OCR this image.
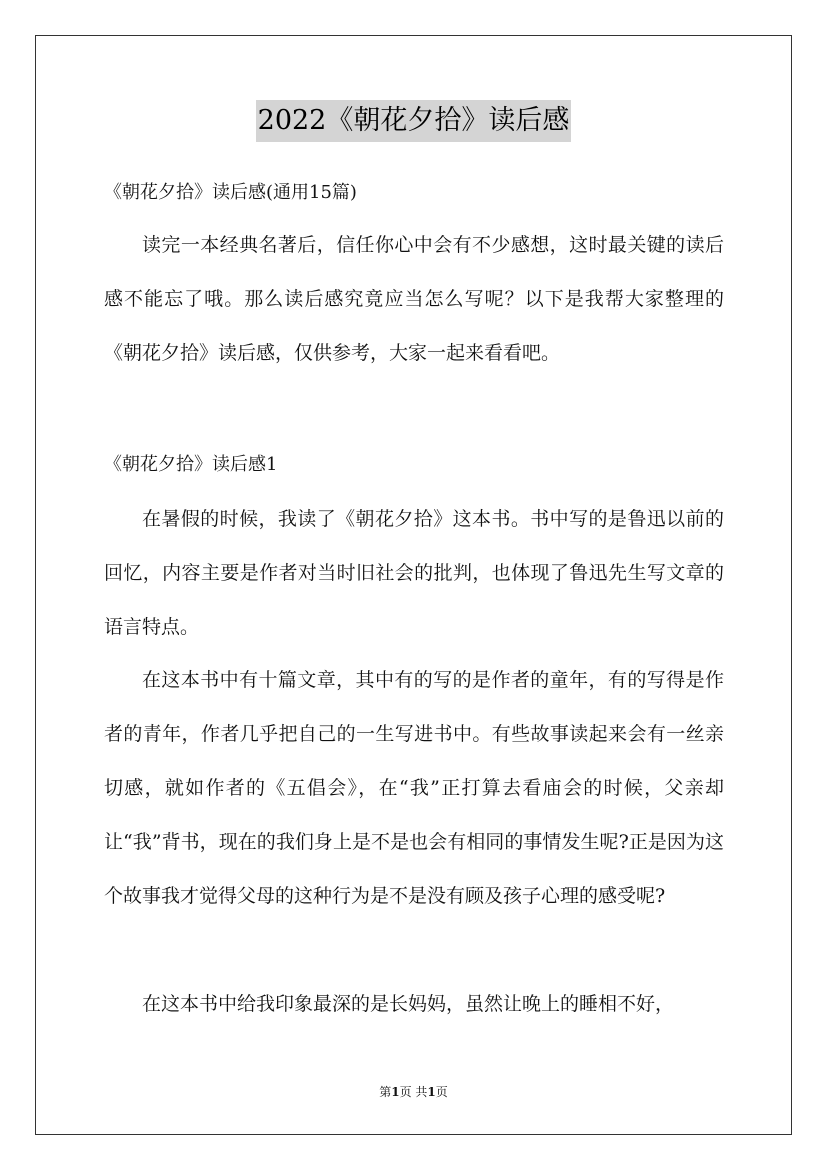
2022《朝花夕拾》读后感
《朝花夕拾》读后感(通用15篇)

读完一本经典名著后，信任你心中会有不少感想，这时最关键的读后感不能忘了哦。那么读后感究竟应当怎么写呢？以下是我帮大家整理的《朝花夕拾》读后感，仅供参考，大家一起来看看吧。

《朝花夕拾》读后感1

在暑假的时候，我读了《朝花夕拾》这本书。书中写的是鲁迅以前的回忆，内容主要是作者对当时旧社会的批判，也体现了鲁迅先生写文章的语言特点。

在这本书中有十篇文章，其中有的写的是作者的童年，有的写得是作者的青年，作者几乎把自己的一生写进书中。有些故事读起来会有一丝亲切感，就如作者的《五倡会》，在“我”正打算去看庙会的时候，父亲却让“我”背书，现在的我们身上是不是也会有相同的事情发生呢?正是因为这个故事我才觉得父母的这种行为是不是没有顾及孩子心理的感受呢?

在这本书中给我印象最深的是长妈妈，虽然让晚上的睡相不好，

第1页 共1页
